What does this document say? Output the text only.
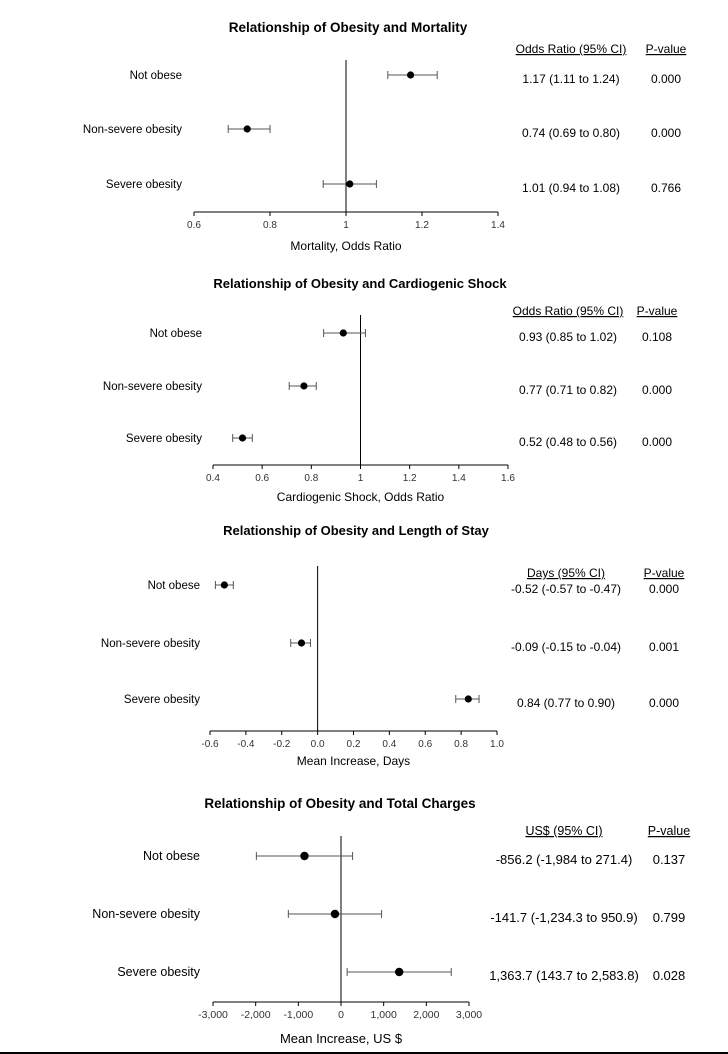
Relationship of Obesity and Mortality
Odds Ratio (95% CI) P-value
0.6	0.8	1	1.2	1.4
Mortality, Odds Ratio
Not obese	1.17 (1.11 to 1.24)	0.000
Non-severe obesity	0.74 (0.69 to 0.80)	0.000
Severe obesity	1.01 (0.94 to 1.08)	0.766
Relationship of Obesity and Cardiogenic Shock
Odds Ratio (95% CI) P-value
0.4	0.6	0.8	1	1.2	1.4	1.6
Cardiogenic Shock, Odds Ratio
Not obese	0.93 (0.85 to 1.02) 0.108
Non-severe obesity	0.77 (0.71 to 0.82) 0.000
Severe obesity	0.52 (0.48 to 0.56) 0.000
Relationship of Obesity and Length of Stay
Days (95% CI)	P-value
-0.6 -0.4 -0.2 0.0 0.2 0.4 0.6 0.8 1.0
Mean Increase, Days
Not obese	-0.52 (-0.57 to -0.47) 0.000
Non-severe obesity	-0.09 (-0.15 to -0.04) 0.001
Severe obesity	0.84 (0.77 to 0.90)	0.000
Relationship of Obesity and Total Charges
US$ (95% CI)	P-value
-3,000 -2,000 -1,000 0	1,000 2,000 3,000
Mean Increase, US $
Not obese	-856.2 (-1,984 to 271.4) 0.137
Non-severe obesity	-141.7 (-1,234.3 to 950.9) 0.799
Severe obesity	1,363.7 (143.7 to 2,583.8) 0.028
